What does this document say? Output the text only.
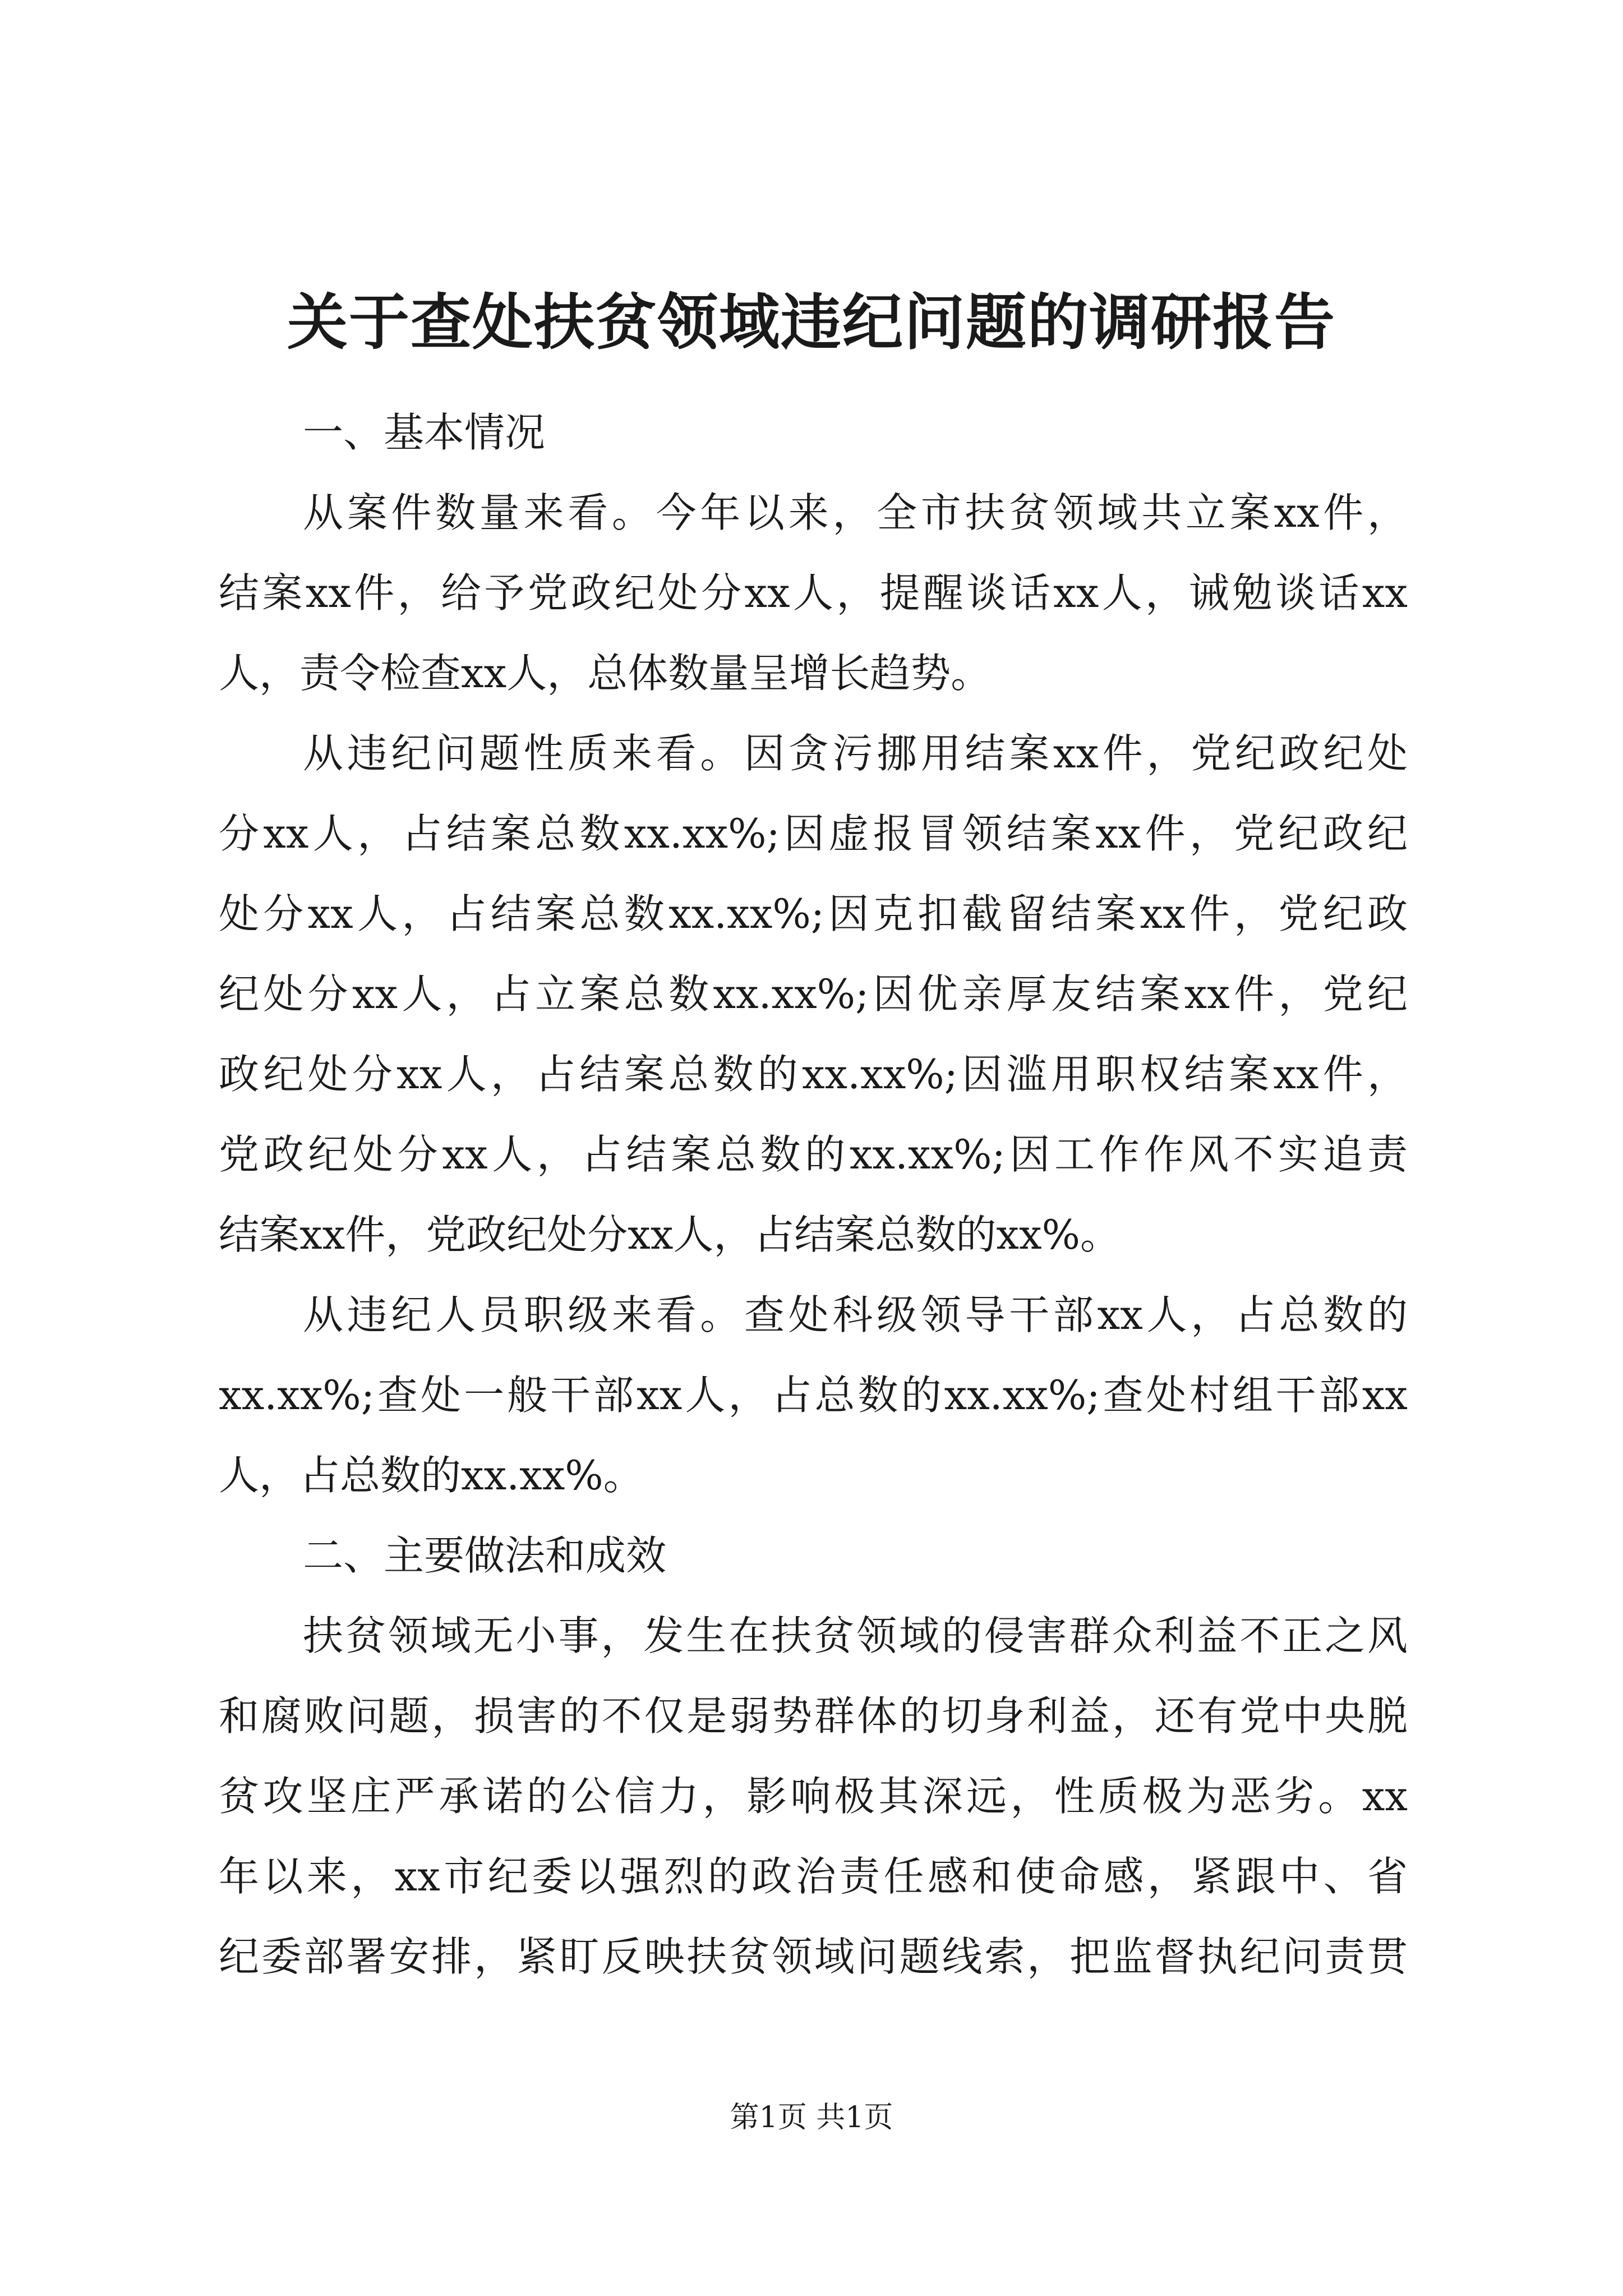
关于查处扶贫领域违纪问题的调研报告
一、基本情况
从案件数量来看。今年以来，全市扶贫领域共立案xx件，
结案xx件，给予党政纪处分xx人，提醒谈话xx人，诫勉谈话xx
人，责令检查xx人，总体数量呈增长趋势。
从违纪问题性质来看。因贪污挪用结案xx件，党纪政纪处
分xx人，占结案总数xx.xx%;因虚报冒领结案xx件，党纪政纪
处分xx人，占结案总数xx.xx%;因克扣截留结案xx件，党纪政
纪处分xx人，占立案总数xx.xx%;因优亲厚友结案xx件，党纪
政纪处分xx人，占结案总数的xx.xx%;因滥用职权结案xx件，
党政纪处分xx人，占结案总数的xx.xx%;因工作作风不实追责
结案xx件，党政纪处分xx人，占结案总数的xx%。
从违纪人员职级来看。查处科级领导干部xx人，占总数的
xx.xx%;查处一般干部xx人，占总数的xx.xx%;查处村组干部xx
人，占总数的xx.xx%。
二、主要做法和成效
扶贫领域无小事，发生在扶贫领域的侵害群众利益不正之风
和腐败问题，损害的不仅是弱势群体的切身利益，还有党中央脱
贫攻坚庄严承诺的公信力，影响极其深远，性质极为恶劣。xx
年以来，xx市纪委以强烈的政治责任感和使命感，紧跟中、省
纪委部署安排，紧盯反映扶贫领域问题线索，把监督执纪问责贯
第1页 共1页
